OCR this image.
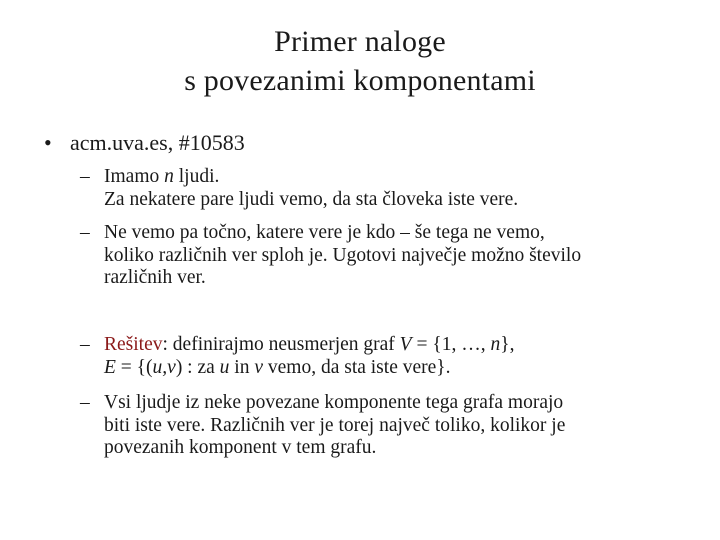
Primer naloge
s povezanimi komponentami
• acm.uva.es, #10583
– Imamo n ljudi.
Za nekatere pare ljudi vemo, da sta človeka iste vere.
– Ne vemo pa točno, katere vere je kdo – še tega ne vemo,
koliko različnih ver sploh je. Ugotovi največje možno število
različnih ver.
– Rešitev: definirajmo neusmerjen graf V = {1, …, n},
E = {(u,v) : za u in v vemo, da sta iste vere}.
– Vsi ljudje iz neke povezane komponente tega grafa morajo
biti iste vere. Različnih ver je torej največ toliko, kolikor je
povezanih komponent v tem grafu.
